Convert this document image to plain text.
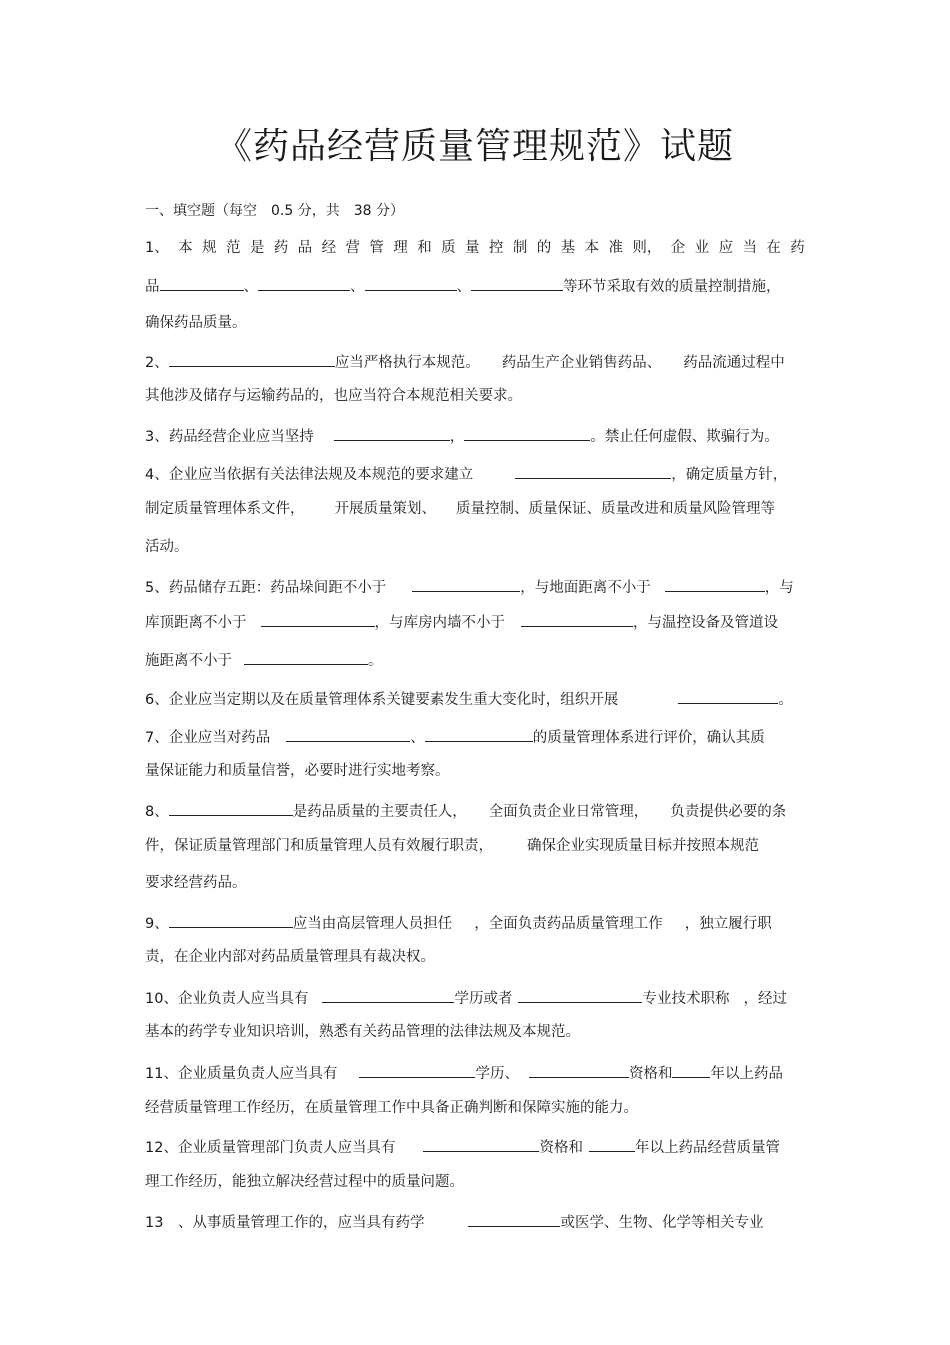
《药品经营质量管理规范》试题
一、填空题（每空　0.5 分，共　38 分）
1、 本 规 范 是 药 品 经 营 管 理 和 质 量 控 制 的 基 本 准 则， 企 业 应 当 在 药
品	、	、	、	等环节采取有效的质量控制措施，
确保药品质量。
2、	应当严格执行本规范。 药品生产企业销售药品、 药品流通过程中
其他涉及储存与运输药品的，也应当符合本规范相关要求。
3、药品经营企业应当坚持	，	。禁止任何虚假、欺骗行为。
4、企业应当依据有关法律法规及本规范的要求建立	，确定质量方针，
制定质量管理体系文件， 开展质量策划、 质量控制、质量保证、质量改进和质量风险管理等
活动。
5、药品储存五距：药品垛间距不小于	，与地面距离不小于	，与
库顶距离不小于	，与库房内墙不小于	，与温控设备及管道设
施距离不小于	。
6、企业应当定期以及在质量管理体系关键要素发生重大变化时，组织开展	。
7、企业应当对药品	、	的质量管理体系进行评价，确认其质
量保证能力和质量信誉，必要时进行实地考察。
8、	是药品质量的主要责任人， 全面负责企业日常管理， 负责提供必要的条
件，保证质量管理部门和质量管理人员有效履行职责， 确保企业实现质量目标并按照本规范
要求经营药品。
9、	应当由高层管理人员担任 ，全面负责药品质量管理工作 ，独立履行职
责，在企业内部对药品质量管理具有裁决权。
10、企业负责人应当具有	学历或者	专业技术职称 ，经过
基本的药学专业知识培训，熟悉有关药品管理的法律法规及本规范。
11、企业质量负责人应当具有	学历、	资格和	年以上药品
经营质量管理工作经历，在质量管理工作中具备正确判断和保障实施的能力。
12、企业质量管理部门负责人应当具有	资格和	年以上药品经营质量管
理工作经历，能独立解决经营过程中的质量问题。
13　、从事质量管理工作的，应当具有药学	或医学、生物、化学等相关专业
